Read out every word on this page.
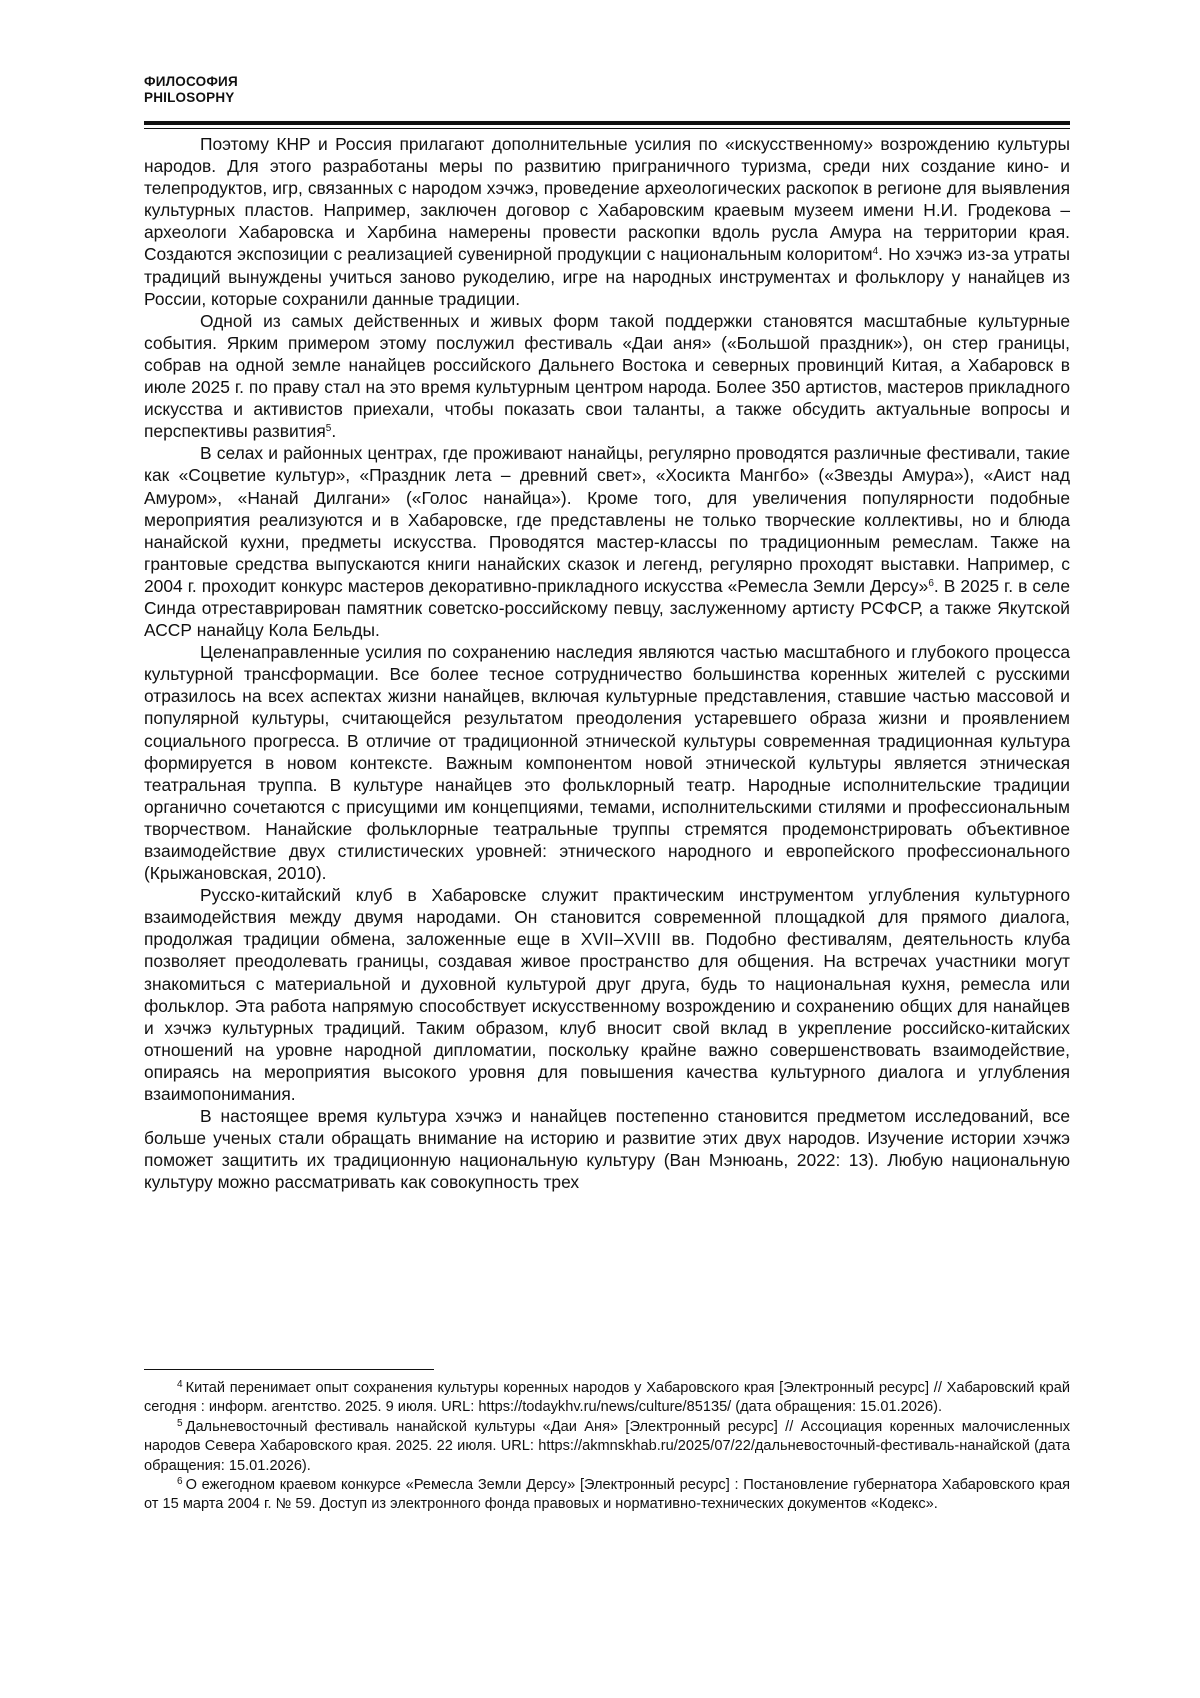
ФИЛОСОФИЯ
PHILOSOPHY

Поэтому КНР и Россия прилагают дополнительные усилия по «искусственному» возрождению культуры народов. Для этого разработаны меры по развитию приграничного туризма, среди них создание кино- и телепродуктов, игр, связанных с народом хэчжэ, проведение археологических раскопок в регионе для выявления культурных пластов. Например, заключен договор с Хабаровским краевым музеем имени Н.И. Гродекова – археологи Хабаровска и Харбина намерены провести раскопки вдоль русла Амура на территории края. Создаются экспозиции с реализацией сувенирной продукции с национальным колоритом$^4$. Но хэчжэ из-за утраты традиций вынуждены учиться заново рукоделию, игре на народных инструментах и фольклору у нанайцев из России, которые сохранили данные традиции.

Одной из самых действенных и живых форм такой поддержки становятся масштабные культурные события. Ярким примером этому послужил фестиваль «Даи аня» («Большой праздник»), он стер границы, собрав на одной земле нанайцев российского Дальнего Востока и северных провинций Китая, а Хабаровск в июле 2025 г. по праву стал на это время культурным центром народа. Более 350 артистов, мастеров прикладного искусства и активистов приехали, чтобы показать свои таланты, а также обсудить актуальные вопросы и перспективы развития$^5$.

В селах и районных центрах, где проживают нанайцы, регулярно проводятся различные фестивали, такие как «Соцветие культур», «Праздник лета – древний свет», «Хосикта Мангбо» («Звезды Амура»), «Аист над Амуром», «Нанай Дилгани» («Голос нанайца»). Кроме того, для увеличения популярности подобные мероприятия реализуются и в Хабаровске, где представлены не только творческие коллективы, но и блюда нанайской кухни, предметы искусства. Проводятся мастер-классы по традиционным ремеслам. Также на грантовые средства выпускаются книги нанайских сказок и легенд, регулярно проходят выставки. Например, с 2004 г. проходит конкурс мастеров декоративно-прикладного искусства «Ремесла Земли Дерсу»$^6$. В 2025 г. в селе Синда отреставрирован памятник советско-российскому певцу, заслуженному артисту РСФСР, а также Якутской АССР нанайцу Кола Бельды.

Целенаправленные усилия по сохранению наследия являются частью масштабного и глубокого процесса культурной трансформации. Все более тесное сотрудничество большинства коренных жителей с русскими отразилось на всех аспектах жизни нанайцев, включая культурные представления, ставшие частью массовой и популярной культуры, считающейся результатом преодоления устаревшего образа жизни и проявлением социального прогресса. В отличие от традиционной этнической культуры современная традиционная культура формируется в новом контексте. Важным компонентом новой этнической культуры является этническая театральная труппа. В культуре нанайцев это фольклорный театр. Народные исполнительские традиции органично сочетаются с присущими им концепциями, темами, исполнительскими стилями и профессиональным творчеством. Нанайские фольклорные театральные труппы стремятся продемонстрировать объективное взаимодействие двух стилистических уровней: этнического народного и европейского профессионального (Крыжановская, 2010).

Русско-китайский клуб в Хабаровске служит практическим инструментом углубления культурного взаимодействия между двумя народами. Он становится современной площадкой для прямого диалога, продолжая традиции обмена, заложенные еще в XVII–XVIII вв. Подобно фестивалям, деятельность клуба позволяет преодолевать границы, создавая живое пространство для общения. На встречах участники могут знакомиться с материальной и духовной культурой друг друга, будь то национальная кухня, ремесла или фольклор. Эта работа напрямую способствует искусственному возрождению и сохранению общих для нанайцев и хэчжэ культурных традиций. Таким образом, клуб вносит свой вклад в укрепление российско-китайских отношений на уровне народной дипломатии, поскольку крайне важно совершенствовать взаимодействие, опираясь на мероприятия высокого уровня для повышения качества культурного диалога и углубления взаимопонимания.

В настоящее время культура хэчжэ и нанайцев постепенно становится предметом исследований, все больше ученых стали обращать внимание на историю и развитие этих двух народов. Изучение истории хэчжэ поможет защитить их традиционную национальную культуру (Ван Мэнюань, 2022: 13). Любую национальную культуру можно рассматривать как совокупность трех

$^4$ Китай перенимает опыт сохранения культуры коренных народов у Хабаровского края [Электронный ресурс] // Хабаровский край сегодня : информ. агентство. 2025. 9 июля. URL: https://todaykhv.ru/news/culture/85135/ (дата обращения: 15.01.2026).

$^5$ Дальневосточный фестиваль нанайской культуры «Даи Аня» [Электронный ресурс] // Ассоциация коренных малочисленных народов Севера Хабаровского края. 2025. 22 июля. URL: https://akmnskhab.ru/2025/07/22/дальневосточный-фестиваль-нанайской (дата обращения: 15.01.2026).

$^6$ О ежегодном краевом конкурсе «Ремесла Земли Дерсу» [Электронный ресурс] : Постановление губернатора Хабаровского края от 15 марта 2004 г. № 59. Доступ из электронного фонда правовых и нормативно-технических документов «Кодекс».
